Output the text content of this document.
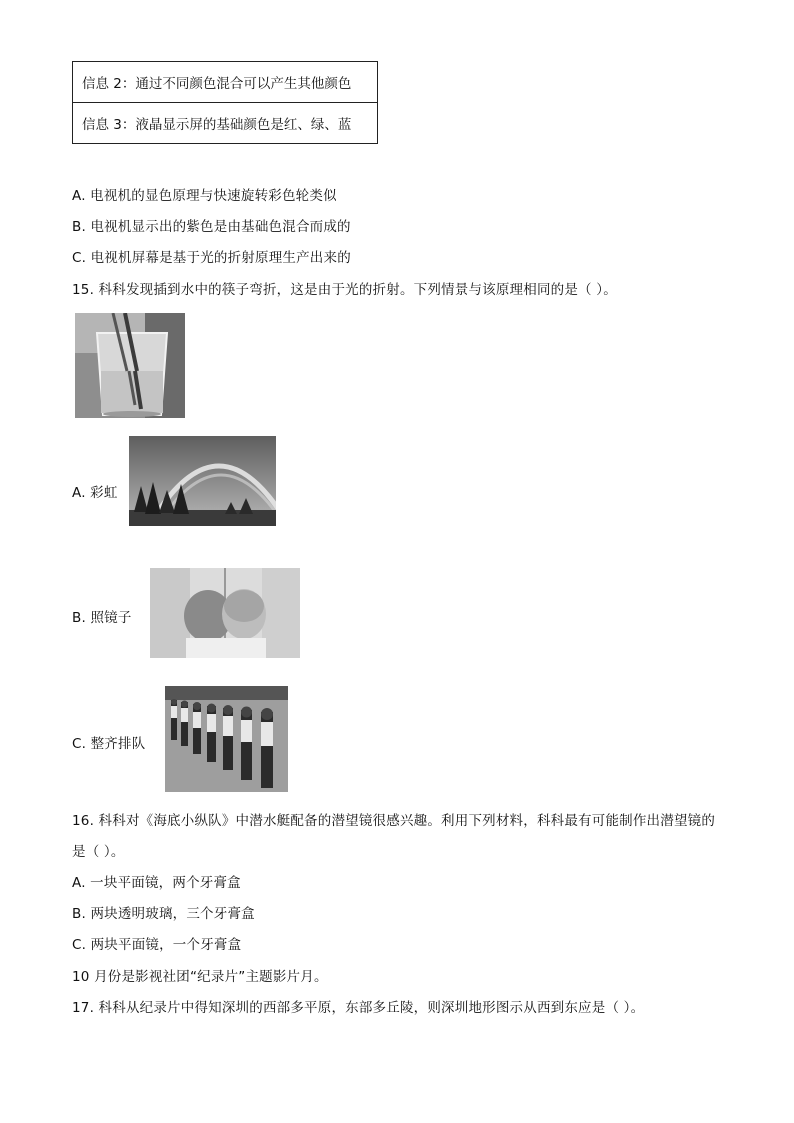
信息 2：通过不同颜色混合可以产生其他颜色
信息 3：液晶显示屏的基础颜色是红、绿、蓝
A. 电视机的显色原理与快速旋转彩色轮类似
B. 电视机显示出的紫色是由基础色混合而成的
C. 电视机屏幕是基于光的折射原理生产出来的
15. 科科发现插到水中的筷子弯折，这是由于光的折射。下列情景与该原理相同的是（ ）。
A. 彩虹
B. 照镜子
C. 整齐排队
16. 科科对《海底小纵队》中潜水艇配备的潜望镜很感兴趣。利用下列材料，科科最有可能制作出潜望镜的
是（ ）。
A. 一块平面镜，两个牙膏盒
B. 两块透明玻璃，三个牙膏盒
C. 两块平面镜，一个牙膏盒
10 月份是影视社团“纪录片”主题影片月。
17. 科科从纪录片中得知深圳的西部多平原，东部多丘陵，则深圳地形图示从西到东应是（ ）。
